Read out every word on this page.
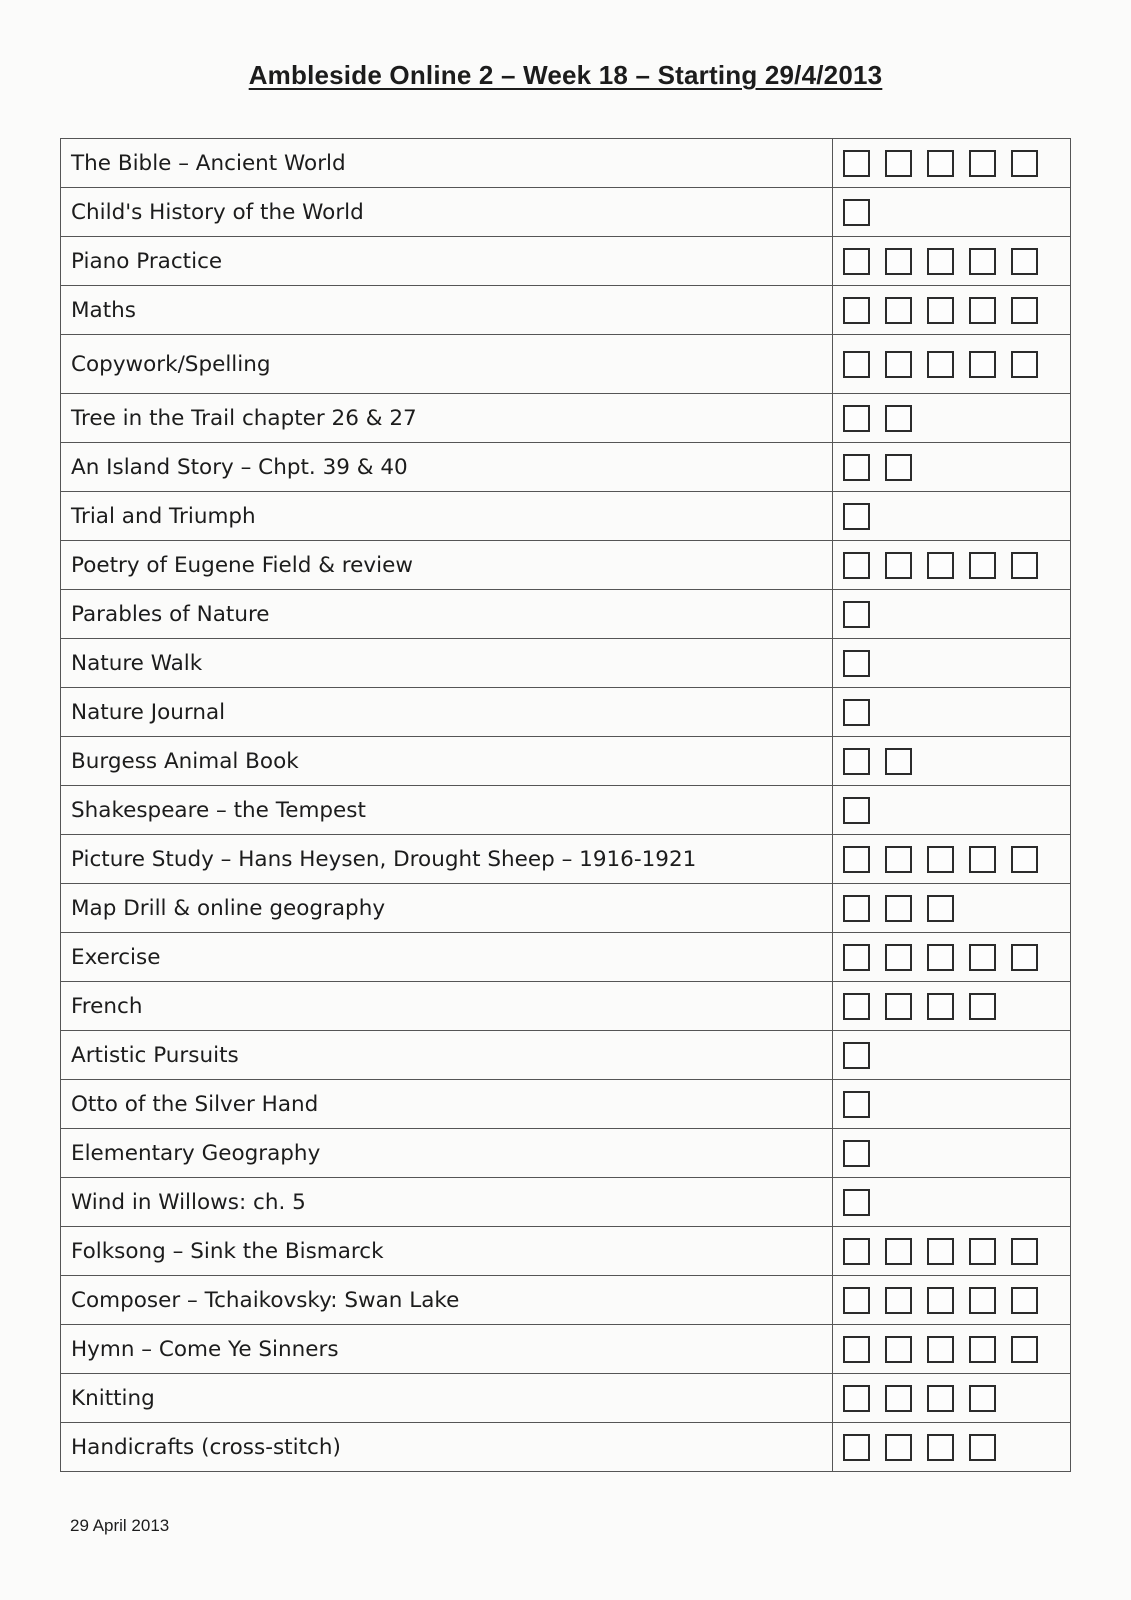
Ambleside Online 2 – Week 18 – Starting 29/4/2013
The Bible – Ancient World	

Child's History of the World	

Piano Practice	

Maths	

Copywork/Spelling	

Tree in the Trail chapter 26 & 27	

An Island Story – Chpt. 39 & 40	

Trial and Triumph	

Poetry of Eugene Field & review	

Parables of Nature	

Nature Walk	

Nature Journal	

Burgess Animal Book	

Shakespeare – the Tempest	

Picture Study – Hans Heysen, Drought Sheep – 1916-1921	

Map Drill & online geography	

Exercise	

French	

Artistic Pursuits	

Otto of the Silver Hand	

Elementary Geography	

Wind in Willows: ch. 5	

Folksong – Sink the Bismarck	

Composer – Tchaikovsky: Swan Lake	

Hymn – Come Ye Sinners	

Knitting	

Handicrafts (cross-stitch)	
29 April 2013
